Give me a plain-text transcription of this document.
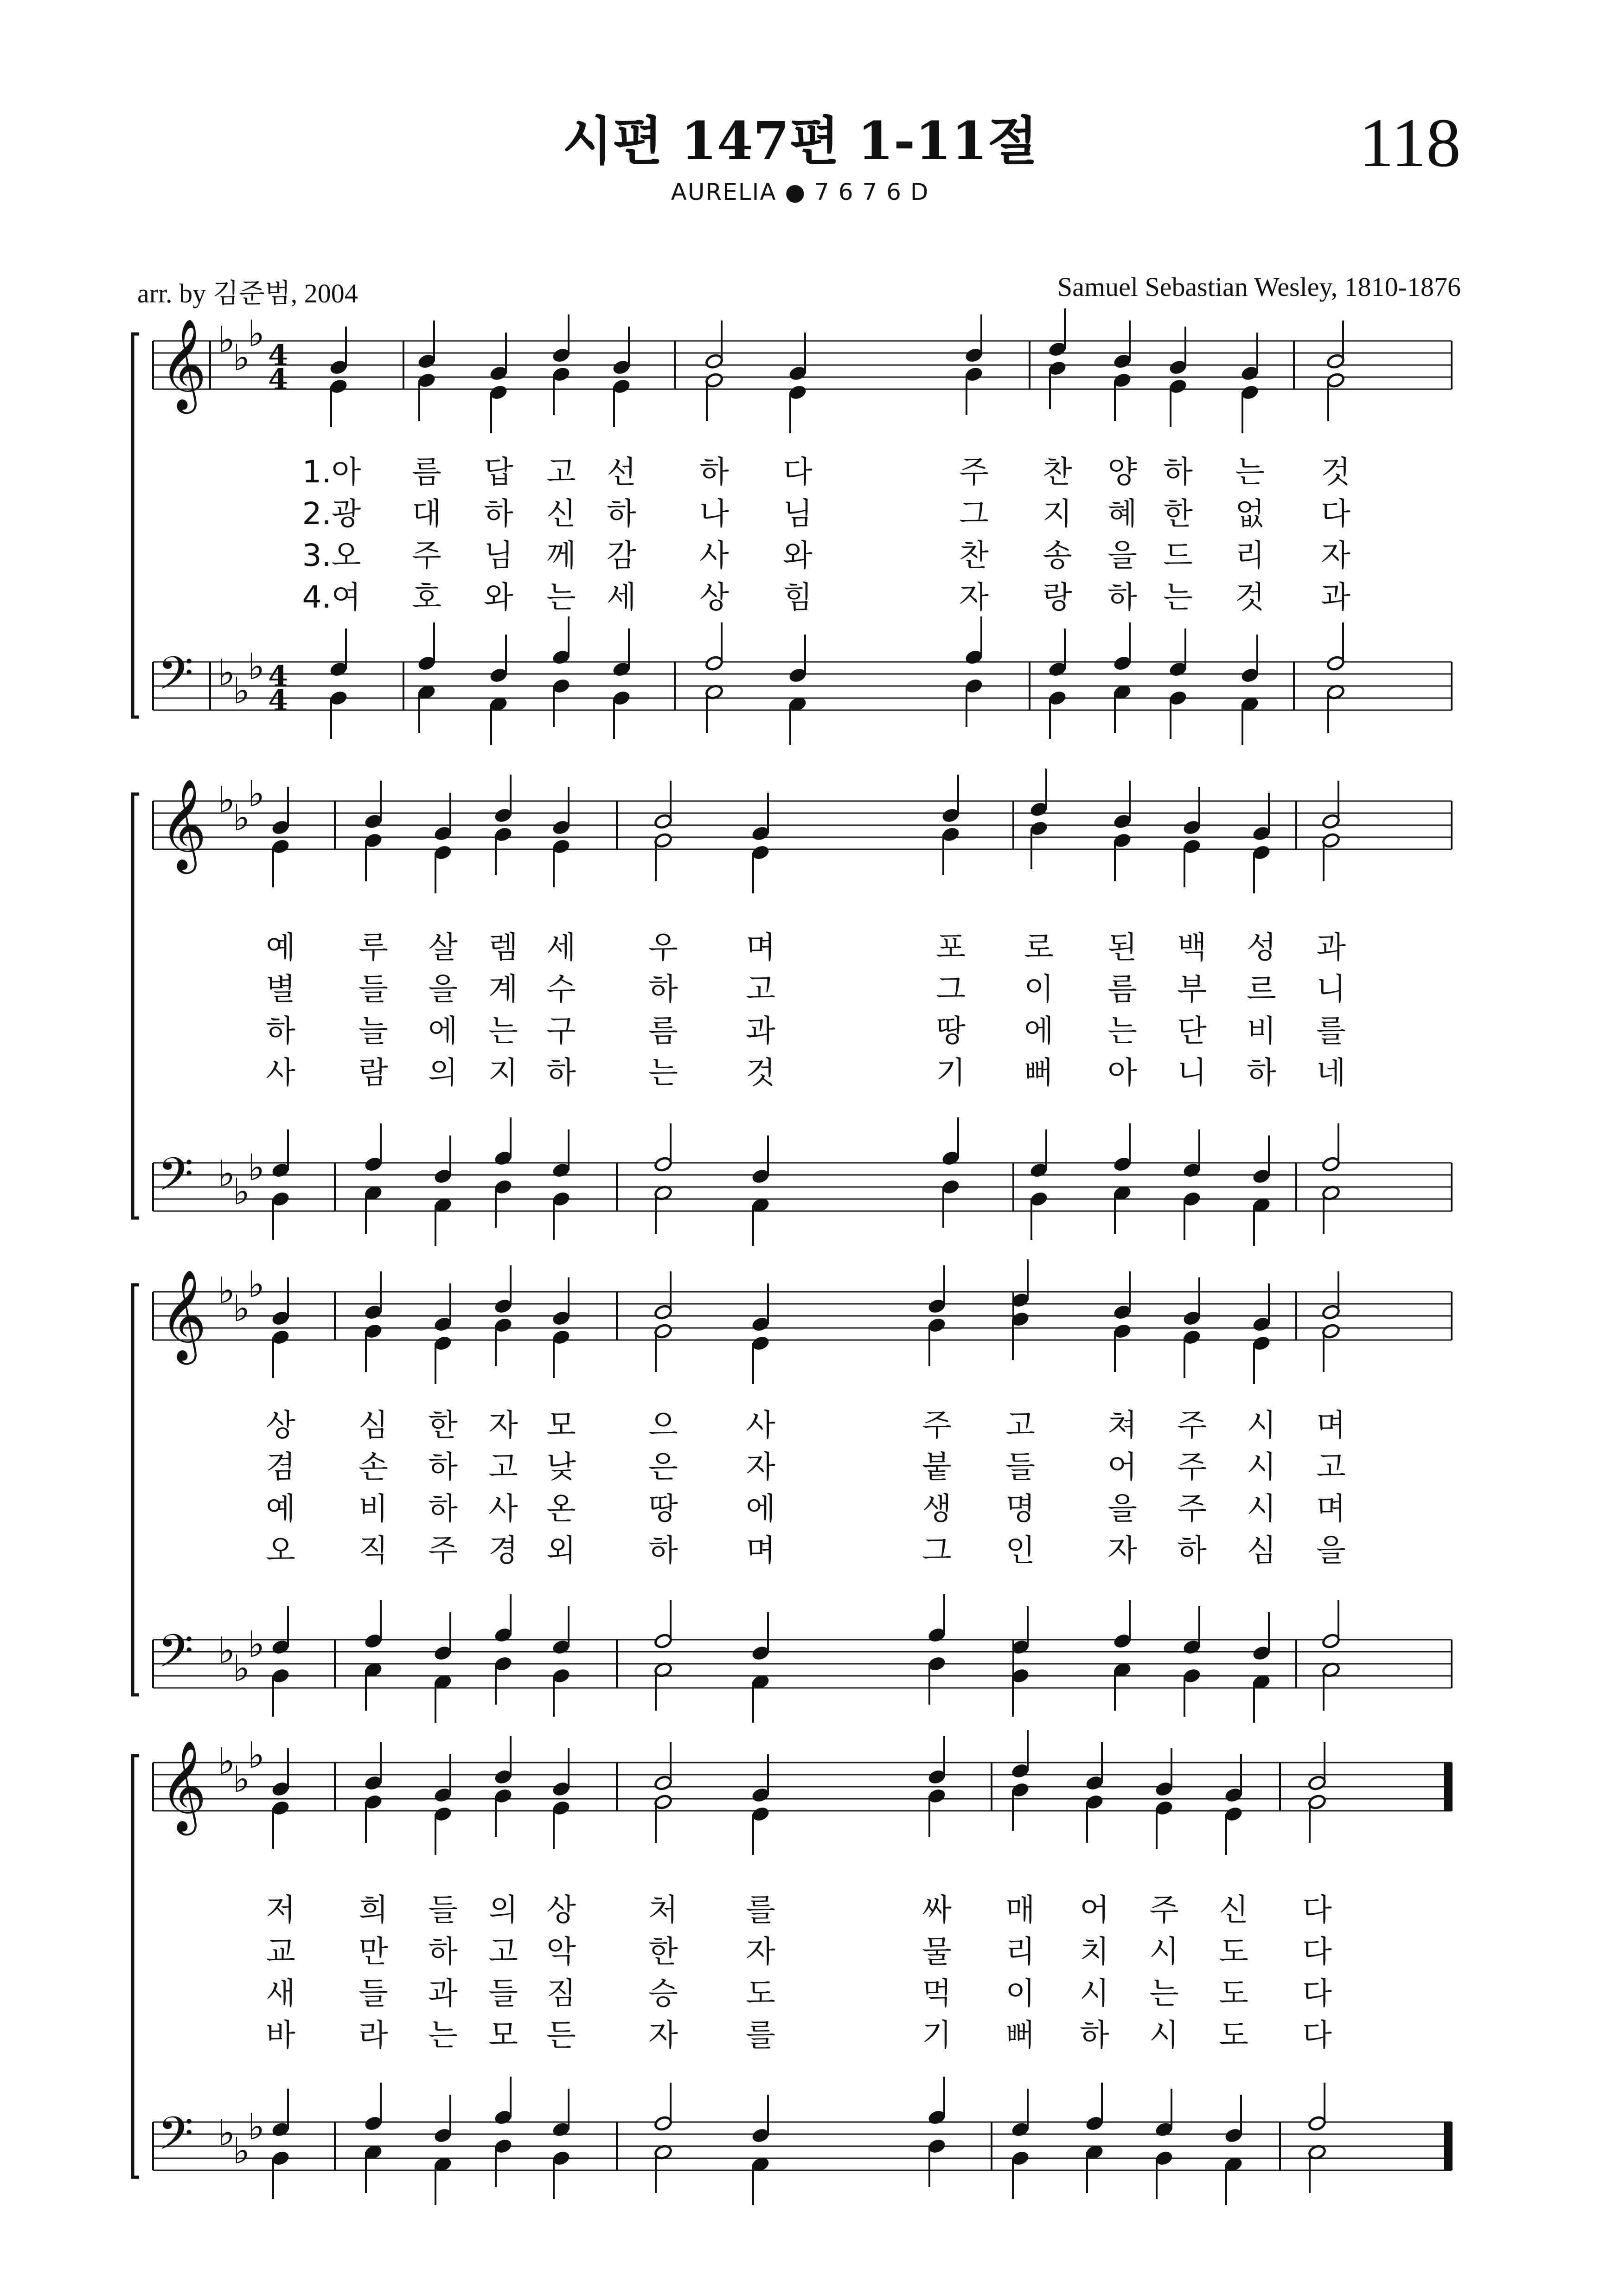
시편 147편 1-11절	118
AURELIA ● 7 6 7 6 D
arr. by 김준범, 2004	Samuel Sebastian Wesley, 1810-1876
𝄞 ♭
♭
♭
4
4
𝄢 ♭
♭
♭ 4
4
𝄞 ♭
♭
♭
𝄢 ♭
♭
♭
𝄞 ♭
♭
♭
𝄢 ♭
♭
♭
𝄞 ♭
♭
♭
𝄢 ♭
♭
♭
1.아	름	답	고	선	하	다	주	찬	양 하	는	것
2.광	대	하	신	하	나	님	그	지	혜 한	없	다
3.오	주	님	께	감	사	와	찬	송	을 드	리	자
4.여	호	와	는	세	상	힘	자	랑	하 는	것	과
예	루	살	렘 세	우	며	포	로	된	백	성	과
별	들	을	계 수	하	고	그	이	름	부	르	니
하	늘	에	는 구	름	과	땅	에	는	단	비	를
사	람	의	지 하	는	것	기	뻐	아	니	하	네
상	심	한	자 모	으	사	주	고	쳐	주	시	며
겸	손	하	고 낮	은	자	붙	들	어	주	시	고
예	비	하	사 온	땅	에	생	명	을	주	시	며
오	직	주	경 외	하	며	그	인	자	하	심	을
저	희	들	의 상	처	를	싸	매	어	주	신	다
교	만	하	고 악	한	자	물	리	치	시	도	다
새	들	과	들 짐	승	도	먹	이	시	는	도	다
바	라	는	모 든	자	를	기	뻐	하	시	도	다
